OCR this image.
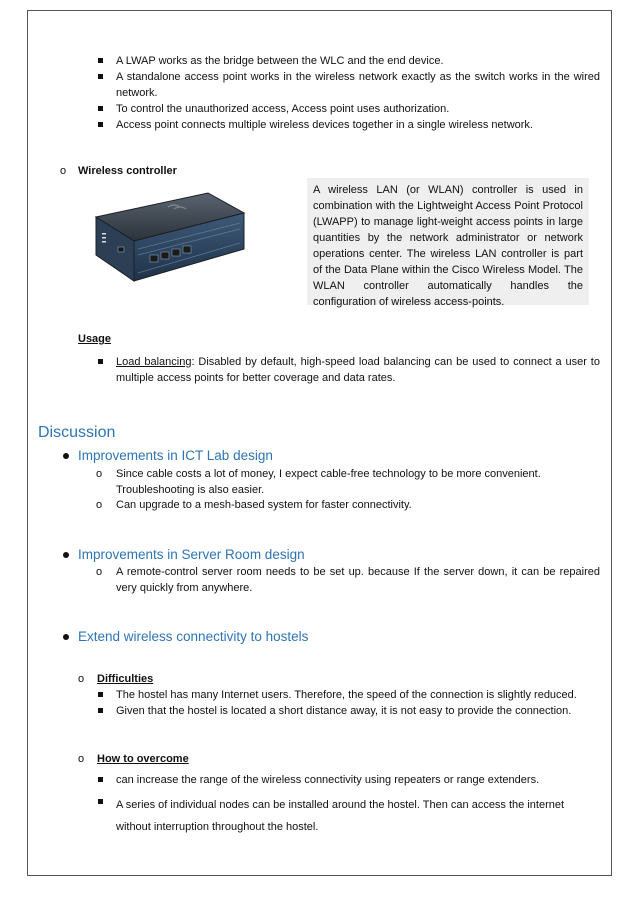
A LWAP works as the bridge between the WLC and the end device.
A standalone access point works in the wireless network exactly as the switch works in the wired network.
To control the unauthorized access, Access point uses authorization.
Access point connects multiple wireless devices together in a single wireless network.
o Wireless controller
A wireless LAN (or WLAN) controller is used in combination with the Lightweight Access Point Protocol (LWAPP) to manage light-weight access points in large quantities by the network administrator or network operations center. The wireless LAN controller is part of the Data Plane within the Cisco Wireless Model. The WLAN controller automatically handles the configuration of wireless access-points.
Usage
Load balancing: Disabled by default, high-speed load balancing can be used to connect a user to multiple access points for better coverage and data rates.
Discussion
Improvements in ICT Lab design
o Since cable costs a lot of money, I expect cable-free technology to be more convenient. Troubleshooting is also easier.
o Can upgrade to a mesh-based system for faster connectivity.
Improvements in Server Room design
o A remote-control server room needs to be set up. because If the server down, it can be repaired very quickly from anywhere.
Extend wireless connectivity to hostels
o Difficulties
The hostel has many Internet users. Therefore, the speed of the connection is slightly reduced.
Given that the hostel is located a short distance away, it is not easy to provide the connection.
o How to overcome
can increase the range of the wireless connectivity using repeaters or range extenders.
A series of individual nodes can be installed around the hostel. Then can access the internet without interruption throughout the hostel.
